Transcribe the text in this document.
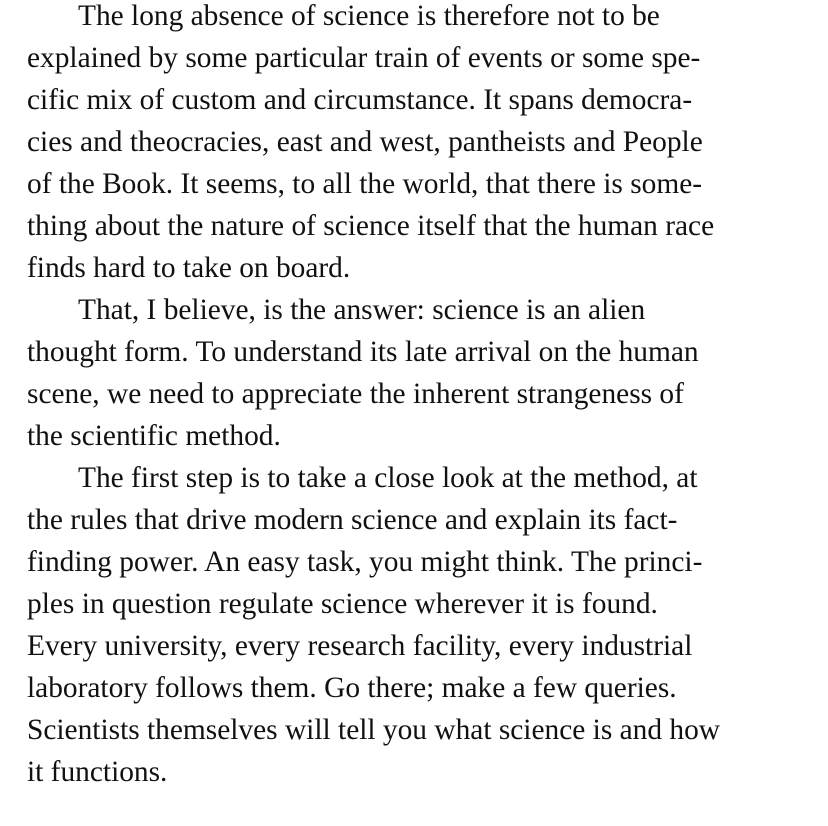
The long absence of science is therefore not to be
explained by some particular train of events or some spe-
cific mix of custom and circumstance. It spans democra-
cies and theocracies, east and west, pantheists and People
of the Book. It seems, to all the world, that there is some-
thing about the nature of science itself that the human race
finds hard to take on board.
That, I believe, is the answer: science is an alien
thought form. To understand its late arrival on the human
scene, we need to appreciate the inherent strangeness of
the scientific method.
The first step is to take a close look at the method, at
the rules that drive modern science and explain its fact-
finding power. An easy task, you might think. The princi-
ples in question regulate science wherever it is found.
Every university, every research facility, every industrial
laboratory follows them. Go there; make a few queries.
Scientists themselves will tell you what science is and how
it functions.
